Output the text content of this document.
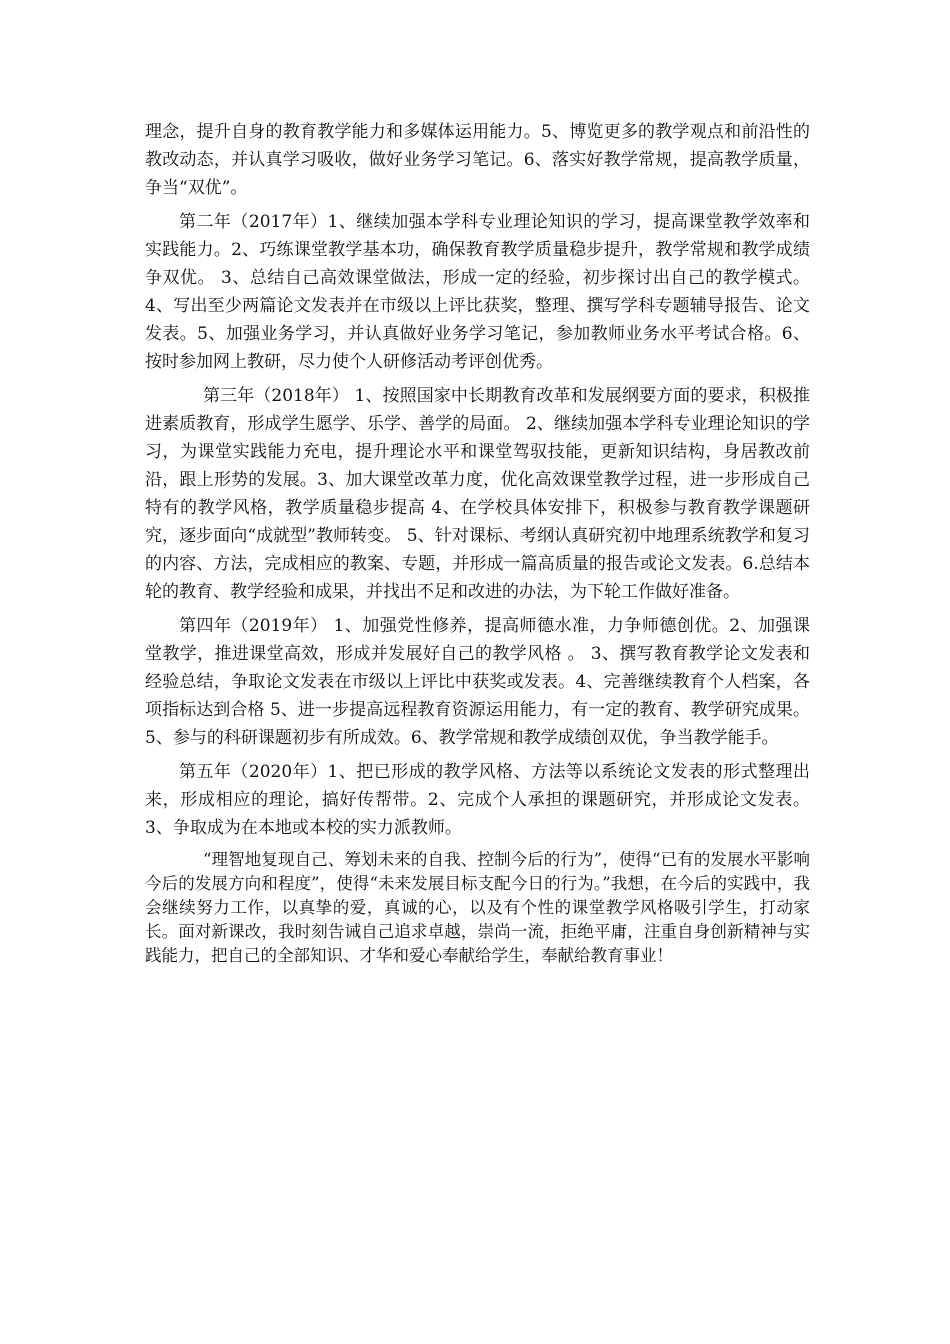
理念，提升自身的教育教学能力和多媒体运用能力。5、博览更多的教学观点和前沿性的教改动态，并认真学习吸收，做好业务学习笔记。6、落实好教学常规，提高教学质量，争当“双优”。

第二年（2017年）1、继续加强本学科专业理论知识的学习，提高课堂教学效率和实践能力。2、巧练课堂教学基本功，确保教育教学质量稳步提升，教学常规和教学成绩争双优。 3、总结自己高效课堂做法，形成一定的经验，初步探讨出自己的教学模式。4、写出至少两篇论文发表并在市级以上评比获奖，整理、撰写学科专题辅导报告、论文发表。5、加强业务学习，并认真做好业务学习笔记，参加教师业务水平考试合格。6、按时参加网上教研，尽力使个人研修活动考评创优秀。

第三年（2018年） 1、按照国家中长期教育改革和发展纲要方面的要求，积极推进素质教育，形成学生愿学、乐学、善学的局面。 2、继续加强本学科专业理论知识的学习，为课堂实践能力充电，提升理论水平和课堂驾驭技能，更新知识结构，身居教改前沿，跟上形势的发展。3、加大课堂改革力度，优化高效课堂教学过程，进一步形成自己特有的教学风格，教学质量稳步提高 4、在学校具体安排下，积极参与教育教学课题研究，逐步面向“成就型”教师转变。 5、针对课标、考纲认真研究初中地理系统教学和复习的内容、方法，完成相应的教案、专题，并形成一篇高质量的报告或论文发表。6.总结本轮的教育、教学经验和成果，并找出不足和改进的办法，为下轮工作做好准备。

第四年（2019年） 1、加强党性修养，提高师德水准，力争师德创优。2、加强课堂教学，推进课堂高效，形成并发展好自己的教学风格 。 3、撰写教育教学论文发表和经验总结，争取论文发表在市级以上评比中获奖或发表。4、完善继续教育个人档案，各项指标达到合格 5、进一步提高远程教育资源运用能力，有一定的教育、教学研究成果。5、参与的科研课题初步有所成效。6、教学常规和教学成绩创双优，争当教学能手。

第五年（2020年）1、把已形成的教学风格、方法等以系统论文发表的形式整理出来，形成相应的理论，搞好传帮带。2、完成个人承担的课题研究，并形成论文发表。 3、争取成为在本地或本校的实力派教师。

“理智地复现自己、筹划未来的自我、控制今后的行为”，使得“已有的发展水平影响今后的发展方向和程度”，使得“未来发展目标支配今日的行为。”我想，在今后的实践中，我会继续努力工作，以真挚的爱，真诚的心，以及有个性的课堂教学风格吸引学生，打动家长。面对新课改，我时刻告诫自己追求卓越，崇尚一流，拒绝平庸，注重自身创新精神与实践能力，把自己的全部知识、才华和爱心奉献给学生，奉献给教育事业！
